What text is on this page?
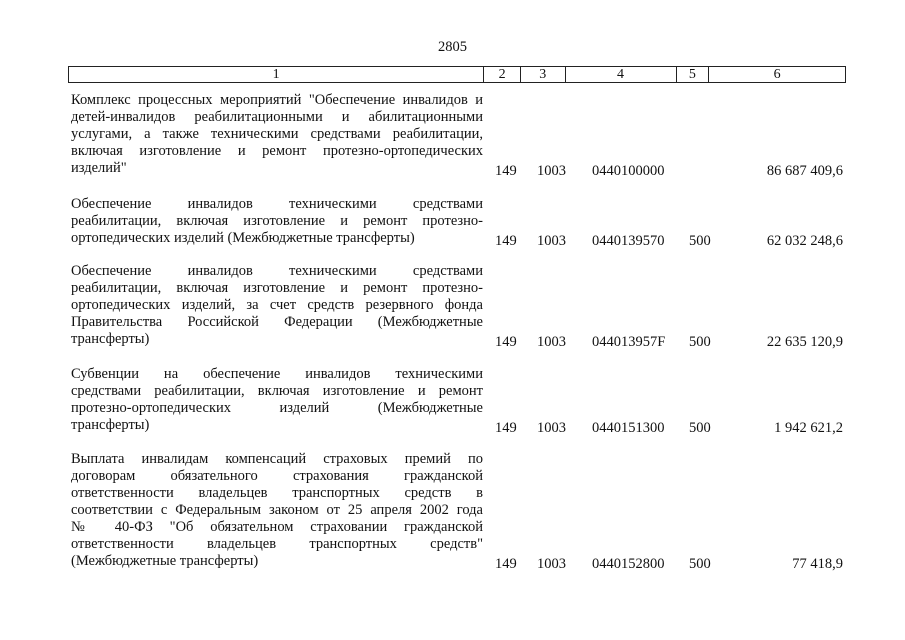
2805
1	2	3	4	5	6
Комплекс процессных мероприятий "Обеспечение инвалидов и
детей-инвалидов реабилитационными и абилитационными
услугами, а также техническими средствами реабилитации,
включая изготовление и ремонт протезно-ортопедических
изделий"	149 1003 0440100000	86 687 409,6
Обеспечение инвалидов техническими средствами
реабилитации, включая изготовление и ремонт протезно-
ортопедических изделий (Межбюджетные трансферты)	149 1003 0440139570 500	62 032 248,6
Обеспечение инвалидов техническими средствами
реабилитации, включая изготовление и ремонт протезно-
ортопедических изделий, за счет средств резервного фонда
Правительства Российской Федерации (Межбюджетные
трансферты)	149 1003 044013957F 500	22 635 120,9
Субвенции на обеспечение инвалидов техническими
средствами реабилитации, включая изготовление и ремонт
протезно-ортопедических изделий (Межбюджетные
трансферты)	149 1003 0440151300 500	1 942 621,2
Выплата инвалидам компенсаций страховых премий по
договорам обязательного страхования гражданской
ответственности владельцев транспортных средств в
соответствии с Федеральным законом от 25 апреля 2002 года
№ 40-ФЗ "Об обязательном страховании гражданской
ответственности владельцев транспортных средств"
(Межбюджетные трансферты)	149 1003 0440152800 500	77 418,9
